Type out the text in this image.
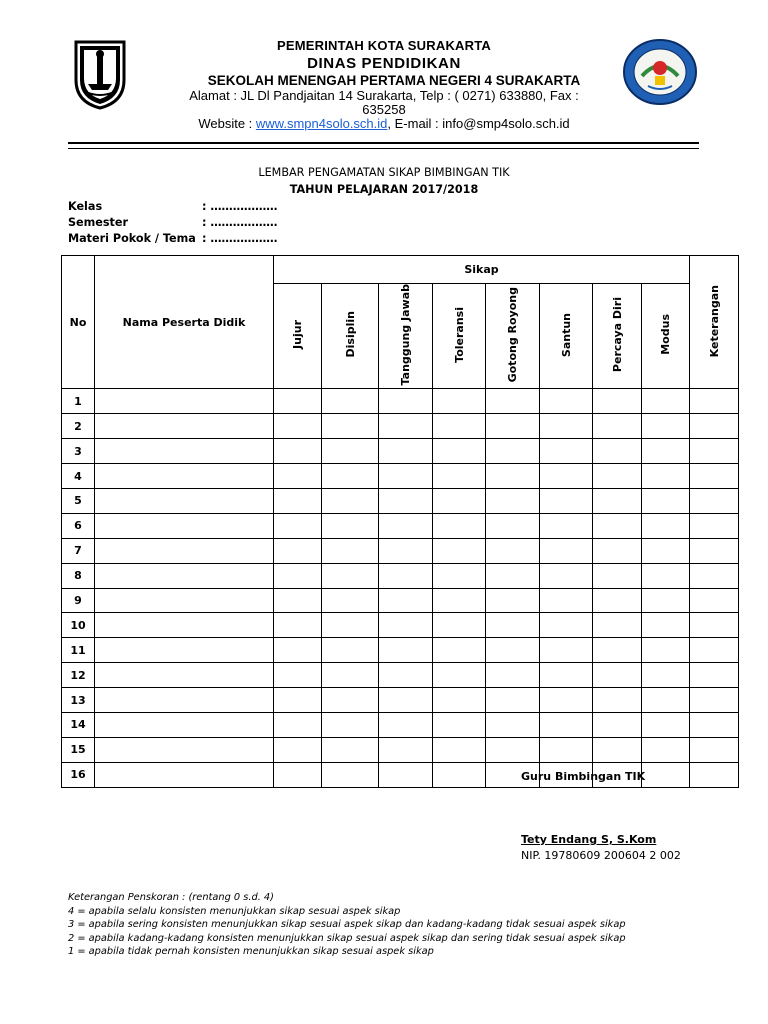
PEMERINTAH KOTA SURAKARTA
DINAS PENDIDIKAN
SEKOLAH MENENGAH PERTAMA NEGERI 4 SURAKARTA
Alamat : JL Dl Pandjaitan 14 Surakarta, Telp : ( 0271) 633880, Fax :
635258
Website : www.smpn4solo.sch.id, E-mail : info@smp4solo.sch.id
LEMBAR PENGAMATAN SIKAP BIMBINGAN TIK
TAHUN PELAJARAN 2017/2018
Kelas	: ………………
Semester	: ………………
Materi Pokok / Tema : ………………
No	Nama Peserta Didik	Sikap								Keterangan
		Jujur	Disiplin	Tanggung Jawab	Toleransi	Gotong Royong	Santun	Percaya Diri	Modus	
1										
2										
3										
4										
5										
6										
7										
8										
9										
10										
11										
12										
13										
14										
15										
16											Guru Bimbingan TIK
Tety Endang S, S.Kom
NIP. 19780609 200604 2 002
Keterangan Penskoran : (rentang 0 s.d. 4)
4 = apabila selalu konsisten menunjukkan sikap sesuai aspek sikap
3 = apabila sering konsisten menunjukkan sikap sesuai aspek sikap dan kadang-kadang tidak sesuai aspek sikap
2 = apabila kadang-kadang konsisten menunjukkan sikap sesuai aspek sikap dan sering tidak sesuai aspek sikap
1 = apabila tidak pernah konsisten menunjukkan sikap sesuai aspek sikap
